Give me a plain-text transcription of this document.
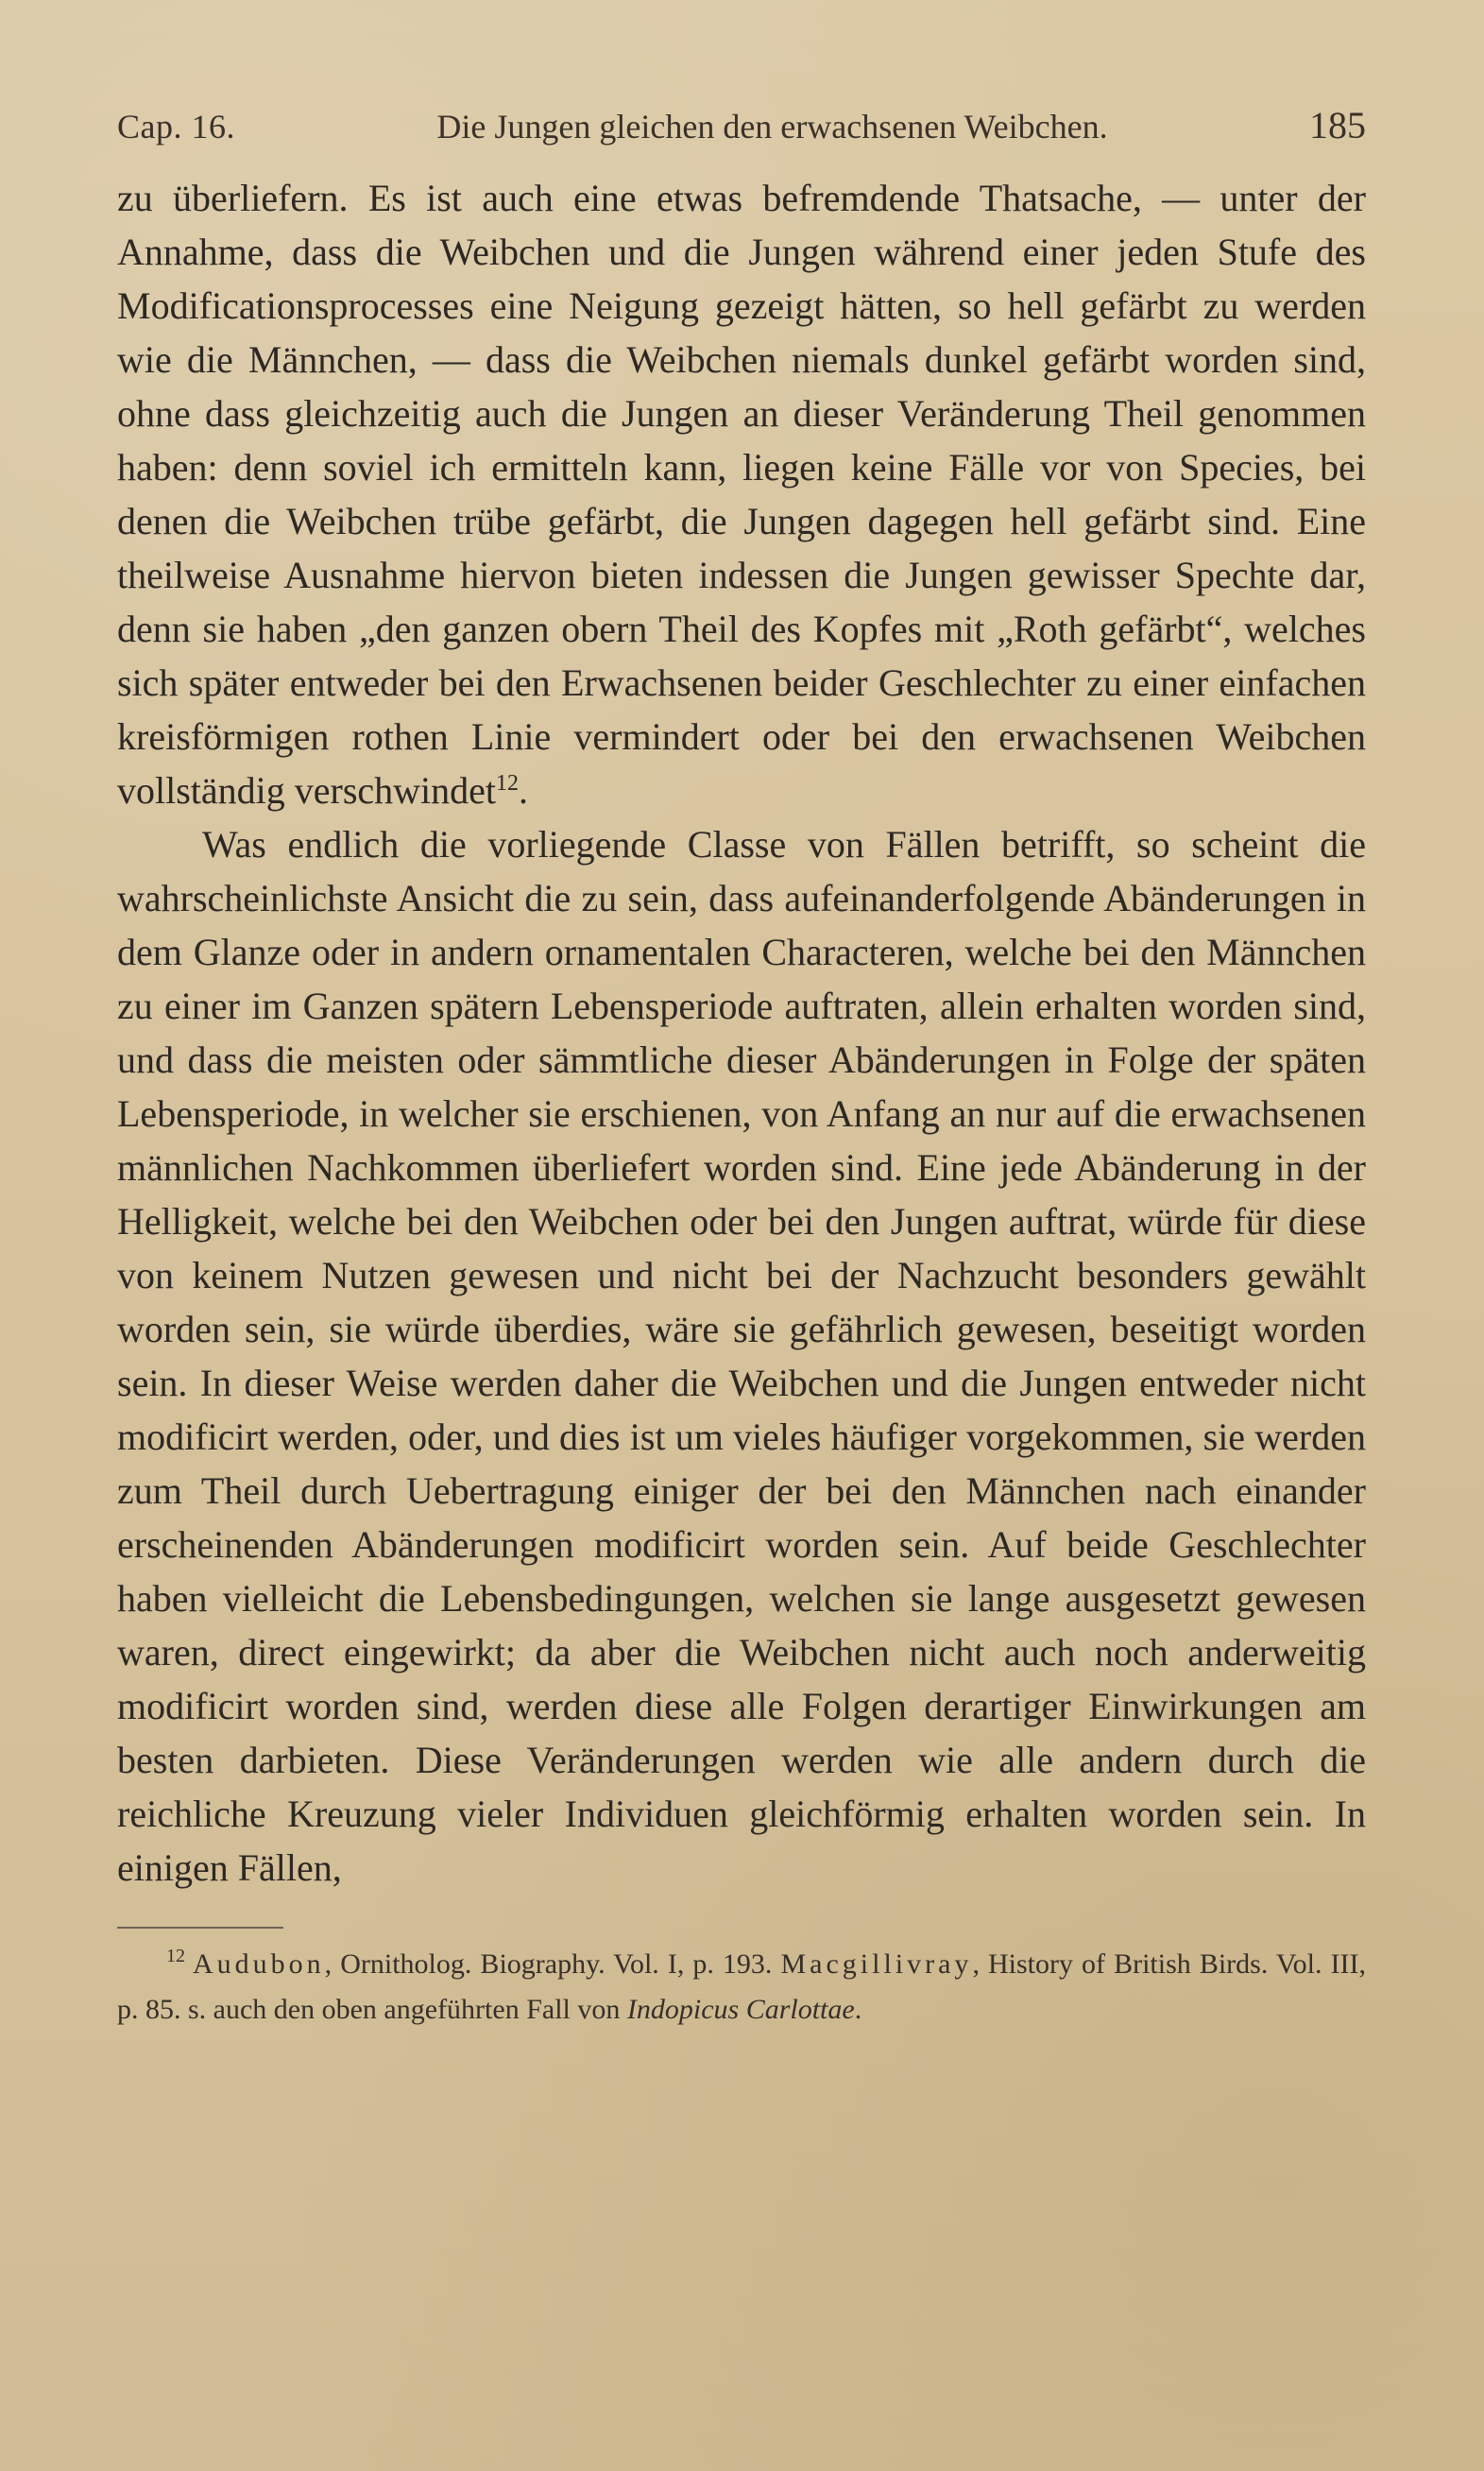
Cap. 16.	Die Jungen gleichen den erwachsenen Weibchen.	185

zu überliefern. Es ist auch eine etwas befremdende Thatsache, — unter der Annahme, dass die Weibchen und die Jungen während einer jeden Stufe des Modificationsprocesses eine Neigung gezeigt hätten, so hell gefärbt zu werden wie die Männchen, — dass die Weibchen niemals dunkel gefärbt worden sind, ohne dass gleichzeitig auch die Jungen an dieser Veränderung Theil genommen haben: denn soviel ich ermitteln kann, liegen keine Fälle vor von Species, bei denen die Weibchen trübe gefärbt, die Jungen dagegen hell gefärbt sind. Eine theilweise Ausnahme hiervon bieten indessen die Jungen gewisser Spechte dar, denn sie haben „den ganzen obern Theil des Kopfes mit „Roth gefärbt“, welches sich später entweder bei den Erwachsenen beider Geschlechter zu einer einfachen kreisförmigen rothen Linie vermindert oder bei den erwachsenen Weibchen vollständig verschwindet$^{12}$.

Was endlich die vorliegende Classe von Fällen betrifft, so scheint die wahrscheinlichste Ansicht die zu sein, dass aufeinanderfolgende Abänderungen in dem Glanze oder in andern ornamentalen Characteren, welche bei den Männchen zu einer im Ganzen spätern Lebensperiode auftraten, allein erhalten worden sind, und dass die meisten oder sämmtliche dieser Abänderungen in Folge der späten Lebensperiode, in welcher sie erschienen, von Anfang an nur auf die erwachsenen männlichen Nachkommen überliefert worden sind. Eine jede Abänderung in der Helligkeit, welche bei den Weibchen oder bei den Jungen auftrat, würde für diese von keinem Nutzen gewesen und nicht bei der Nachzucht besonders gewählt worden sein, sie würde überdies, wäre sie gefährlich gewesen, beseitigt worden sein. In dieser Weise werden daher die Weibchen und die Jungen entweder nicht modificirt werden, oder, und dies ist um vieles häufiger vorgekommen, sie werden zum Theil durch Uebertragung einiger der bei den Männchen nach einander erscheinenden Abänderungen modificirt worden sein. Auf beide Geschlechter haben vielleicht die Lebensbedingungen, welchen sie lange ausgesetzt gewesen waren, direct eingewirkt; da aber die Weibchen nicht auch noch anderweitig modificirt worden sind, werden diese alle Folgen derartiger Einwirkungen am besten darbieten. Diese Veränderungen werden wie alle andern durch die reichliche Kreuzung vieler Individuen gleichförmig erhalten worden sein. In einigen Fällen,

$^{12}$ Audubon, Ornitholog. Biography. Vol. I, p. 193. Macgillivray, History of British Birds. Vol. III, p. 85. s. auch den oben angeführten Fall von Indopicus Carlottae.
